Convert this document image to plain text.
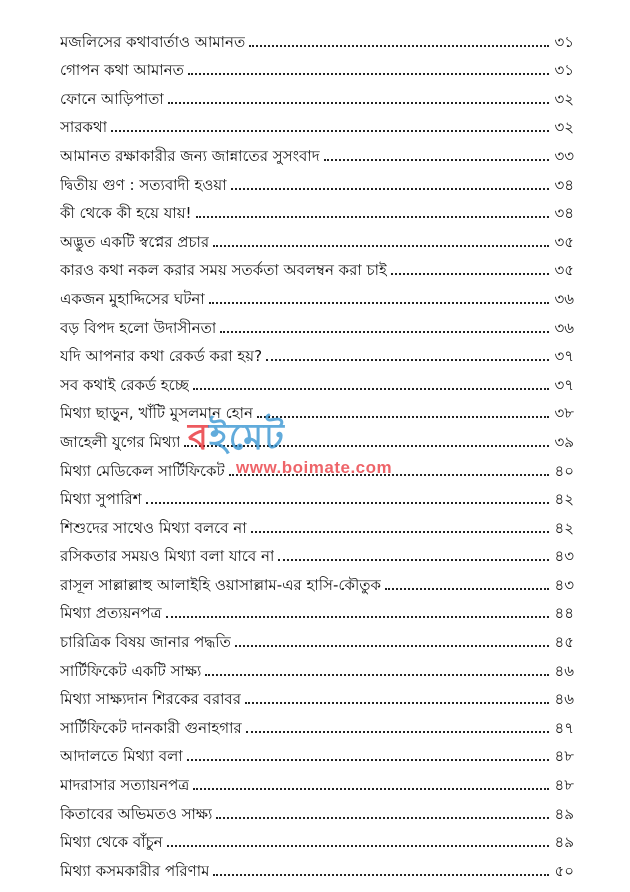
মজলিসের কথাবার্তাও আমানত	৩১
গোপন কথা আমানত	৩১
ফোনে আড়িপাতা	৩২
সারকথা	৩২
আমানত রক্ষাকারীর জন্য জান্নাতের সুসংবাদ	৩৩
দ্বিতীয় গুণ : সত্যবাদী হওয়া	৩৪
কী থেকে কী হয়ে যায়!	৩৪
অদ্ভুত একটি স্বপ্নের প্রচার	৩৫
কারও কথা নকল করার সময় সতর্কতা অবলম্বন করা চাই	৩৫
একজন মুহাদ্দিসের ঘটনা	৩৬
বড় বিপদ হলো উদাসীনতা	৩৬
যদি আপনার কথা রেকর্ড করা হয়?	৩৭
সব কথাই রেকর্ড হচ্ছে	৩৭
মিথ্যা ছাড়ুন, খাঁটি মুসলমান হোন	৩৮
জাহেলী যুগের মিথ্যা	৩৯
মিথ্যা মেডিকেল সার্টিফিকেট	৪০
মিথ্যা সুপারিশ	৪২
শিশুদের সাথেও মিথ্যা বলবে না	৪২
রসিকতার সময়ও মিথ্যা বলা যাবে না	৪৩
রাসূল সাল্লাল্লাহু আলাইহি ওয়াসাল্লাম-এর হাসি-কৌতুক	৪৩
মিথ্যা প্রত্যয়নপত্র	৪৪
চারিত্রিক বিষয় জানার পদ্ধতি	৪৫
সার্টিফিকেট একটি সাক্ষ্য	৪৬
মিথ্যা সাক্ষ্যদান শিরকের বরাবর	৪৬
সার্টিফিকেট দানকারী গুনাহগার	৪৭
আদালতে মিথ্যা বলা	৪৮
মাদরাসার সত্যায়নপত্র	৪৮
কিতাবের অভিমতও সাক্ষ্য	৪৯
মিথ্যা থেকে বাঁচুন	৪৯
মিথ্যা কসমকারীর পরিণাম	৫০
বইমেট
www.boimate.com
